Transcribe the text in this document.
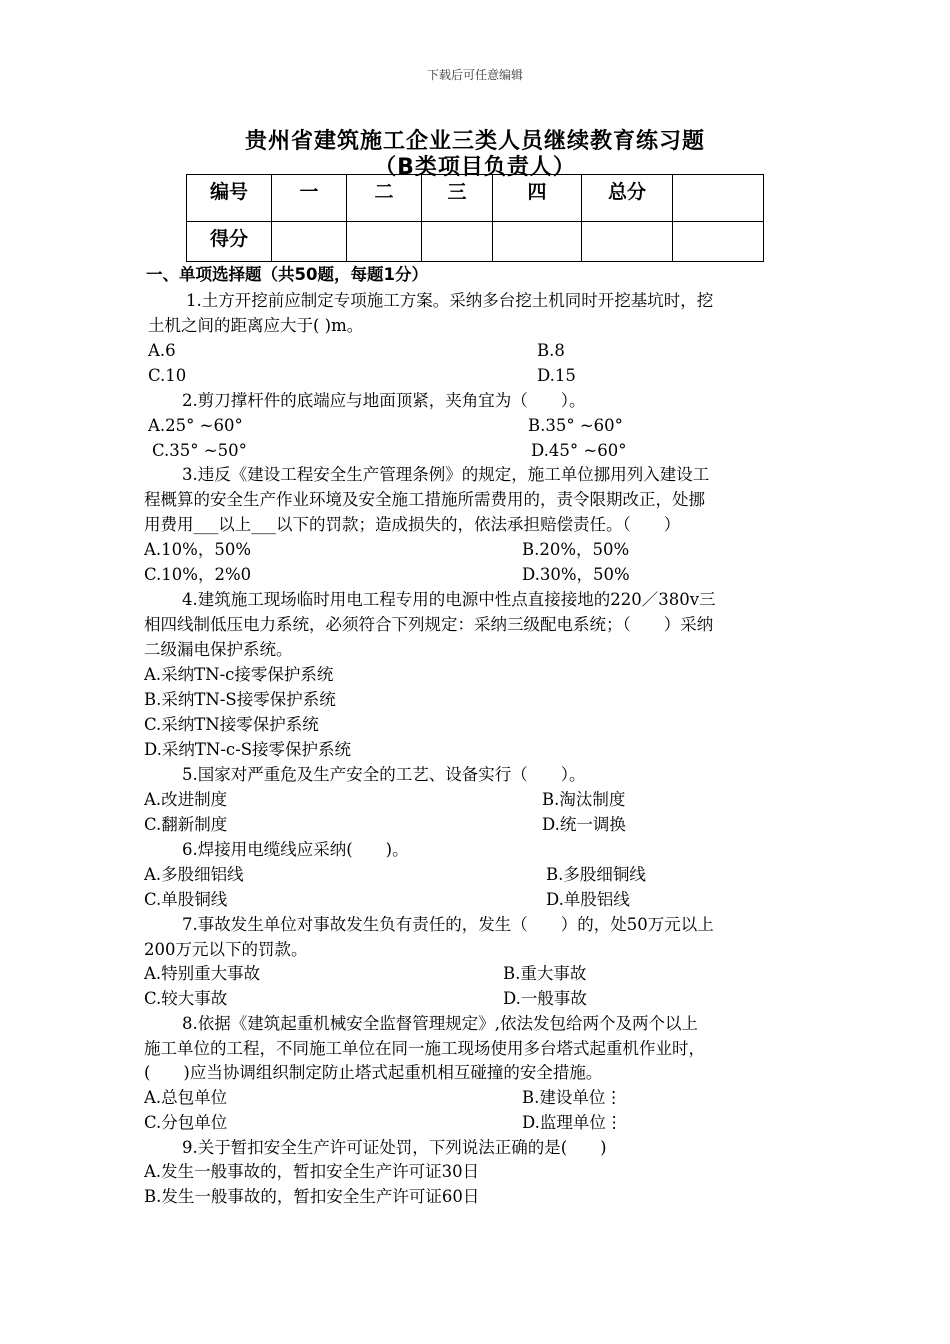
下载后可任意编辑
贵州省建筑施工企业三类人员继续教育练习题
（B类项目负责人）
编号	一	二	三	四	总分	
得分						
一、单项选择题（共50题，每题1分）
1.土方开挖前应制定专项施工方案。采纳多台挖土机同时开挖基坑时，挖
土机之间的距离应大于( )m。
A.6	B.8
C.10	D.15
2.剪刀撑杆件的底端应与地面顶紧，夹角宜为（　　）。
A.25° ~60°	B.35° ~60°
C.35° ~50°	D.45° ~60°
3.违反《建设工程安全生产管理条例》的规定，施工单位挪用列入建设工
程概算的安全生产作业环境及安全施工措施所需费用的，责令限期改正，处挪
用费用___以上___以下的罚款；造成损失的，依法承担赔偿责任。（　　）
A.10%，50%	B.20%，50%
C.10%，2%0	D.30%，50%
4.建筑施工现场临时用电工程专用的电源中性点直接接地的220／380v三
相四线制低压电力系统，必须符合下列规定：采纳三级配电系统；（　　）采纳
二级漏电保护系统。
A.采纳TN-c接零保护系统
B.采纳TN-S接零保护系统
C.采纳TN接零保护系统
D.采纳TN-c-S接零保护系统
5.国家对严重危及生产安全的工艺、设备实行（　　）。
A.改进制度	B.淘汰制度
C.翻新制度	D.统一调换
6.焊接用电缆线应采纳(　　)。
A.多股细铝线	B.多股细铜线
C.单股铜线	D.单股铝线
7.事故发生单位对事故发生负有责任的，发生（　　）的，处50万元以上
200万元以下的罚款。
A.特别重大事故	B.重大事故
C.较大事故	D.一般事故
8.依据《建筑起重机械安全监督管理规定》,依法发包给两个及两个以上
施工单位的工程，不同施工单位在同一施工现场使用多台塔式起重机作业时，
(　　)应当协调组织制定防止塔式起重机相互碰撞的安全措施。
A.总包单位	B.建设单位⋮
C.分包单位	D.监理单位⋮
9.关于暂扣安全生产许可证处罚，下列说法正确的是(　　)
A.发生一般事故的，暂扣安全生产许可证30日
B.发生一般事故的，暂扣安全生产许可证60日
